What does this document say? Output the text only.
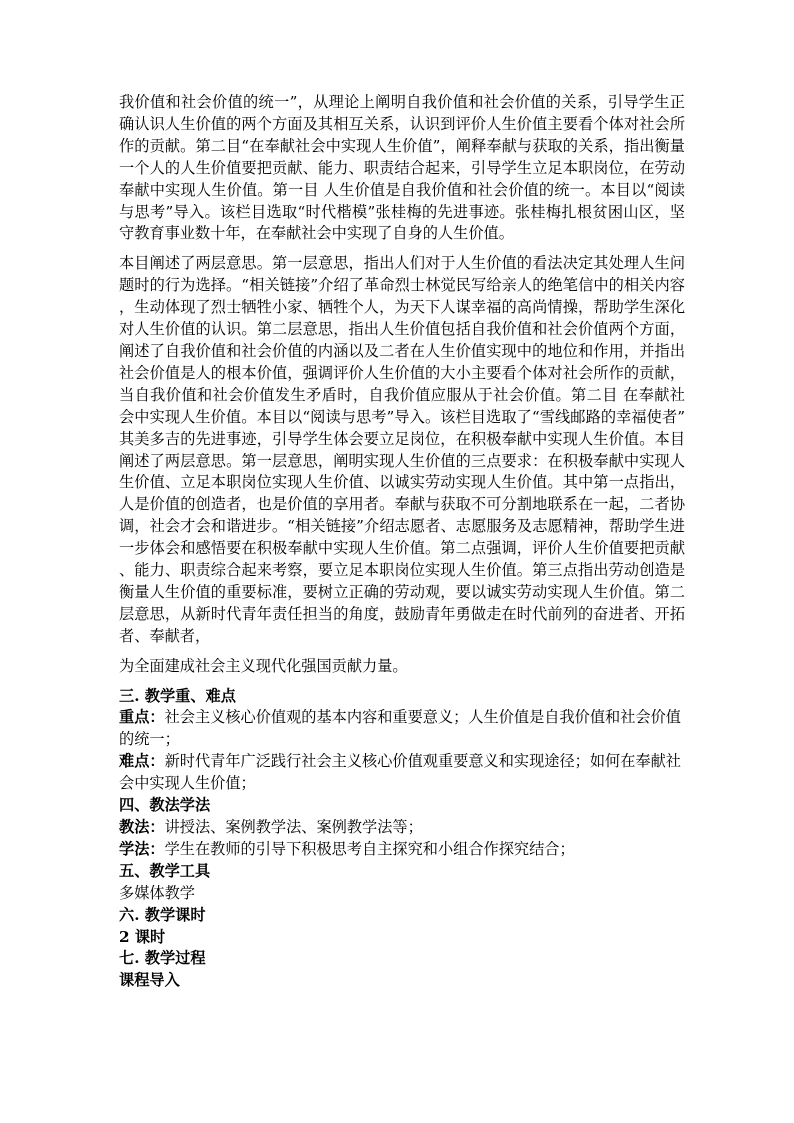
我价值和社会价值的统一”，从理论上阐明自我价值和社会价值的关系，引导学生正确认识人生价值的两个方面及其相互关系，认识到评价人生价值主要看个体对社会所作的贡献。第二目“在奉献社会中实现人生价值”，阐释奉献与获取的关系，指出衡量一个人的人生价值要把贡献、能力、职责结合起来，引导学生立足本职岗位，在劳动奉献中实现人生价值。第一目 人生价值是自我价值和社会价值的统一。本目以“阅读与思考”导入。该栏目选取“时代楷模”张桂梅的先进事迹。张桂梅扎根贫困山区，坚守教育事业数十年，在奉献社会中实现了自身的人生价值。

本目阐述了两层意思。第一层意思，指出人们对于人生价值的看法决定其处理人生问题时的行为选择。“相关链接”介绍了革命烈士林觉民写给亲人的绝笔信中的相关内容，生动体现了烈士牺牲小家、牺牲个人，为天下人谋幸福的高尚情操，帮助学生深化对人生价值的认识。第二层意思，指出人生价值包括自我价值和社会价值两个方面，阐述了自我价值和社会价值的内涵以及二者在人生价值实现中的地位和作用，并指出社会价值是人的根本价值，强调评价人生价值的大小主要看个体对社会所作的贡献，当自我价值和社会价值发生矛盾时，自我价值应服从于社会价值。第二目 在奉献社会中实现人生价值。本目以“阅读与思考”导入。该栏目选取了“雪线邮路的幸福使者”其美多吉的先进事迹，引导学生体会要立足岗位，在积极奉献中实现人生价值。本目阐述了两层意思。第一层意思，阐明实现人生价值的三点要求：在积极奉献中实现人生价值、立足本职岗位实现人生价值、以诚实劳动实现人生价值。其中第一点指出，人是价值的创造者，也是价值的享用者。奉献与获取不可分割地联系在一起，二者协调，社会才会和谐进步。“相关链接”介绍志愿者、志愿服务及志愿精神，帮助学生进一步体会和感悟要在积极奉献中实现人生价值。第二点强调，评价人生价值要把贡献、能力、职责综合起来考察，要立足本职岗位实现人生价值。第三点指出劳动创造是衡量人生价值的重要标准，要树立正确的劳动观，要以诚实劳动实现人生价值。第二层意思，从新时代青年责任担当的角度，鼓励青年勇做走在时代前列的奋进者、开拓者、奉献者，

为全面建成社会主义现代化强国贡献力量。

三. 教学重、难点

重点：社会主义核心价值观的基本内容和重要意义；人生价值是自我价值和社会价值的统一；

难点：新时代青年广泛践行社会主义核心价值观重要意义和实现途径；如何在奉献社会中实现人生价值；

四、教法学法

教法：讲授法、案例教学法、案例教学法等；

学法：学生在教师的引导下积极思考自主探究和小组合作探究结合；

五、教学工具

多媒体教学

六. 教学课时

2 课时

七. 教学过程

课程导入
